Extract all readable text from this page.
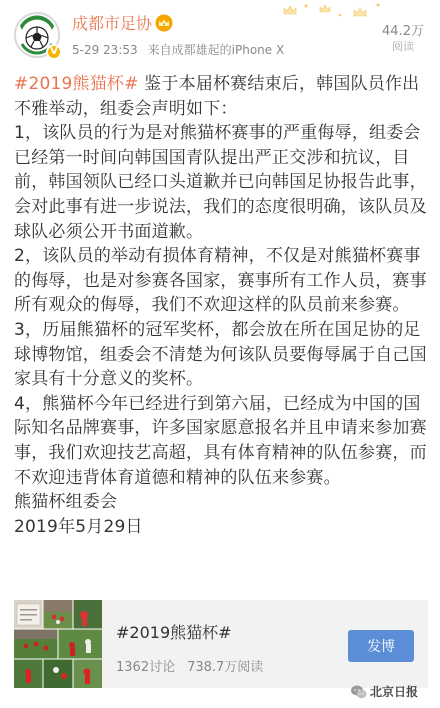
V
成都市足协
5-29 23:53 来自成都雄起的iPhone X
44.2万
阅读

#2019熊猫杯# 鉴于本届杯赛结束后，韩国队员作出不雅举动，组委会声明如下：

1，该队员的行为是对熊猫杯赛事的严重侮辱，组委会已经第一时间向韩国国青队提出严正交涉和抗议，目前，韩国领队已经口头道歉并已向韩国足协报告此事，会对此事有进一步说法，我们的态度很明确，该队员及球队必须公开书面道歉。

2，该队员的举动有损体育精神，不仅是对熊猫杯赛事的侮辱，也是对参赛各国家，赛事所有工作人员，赛事所有观众的侮辱，我们不欢迎这样的队员前来参赛。

3，历届熊猫杯的冠军奖杯，都会放在所在国足协的足球博物馆，组委会不清楚为何该队员要侮辱属于自己国家具有十分意义的奖杯。

4，熊猫杯今年已经进行到第六届，已经成为中国的国际知名品牌赛事，许多国家愿意报名并且申请来参加赛事，我们欢迎技艺高超，具有体育精神的队伍参赛，而不欢迎违背体育道德和精神的队伍来参赛。

熊猫杯组委会

2019年5月29日

#2019熊猫杯#
1362讨论 738.7万阅读
发博
北京日报
